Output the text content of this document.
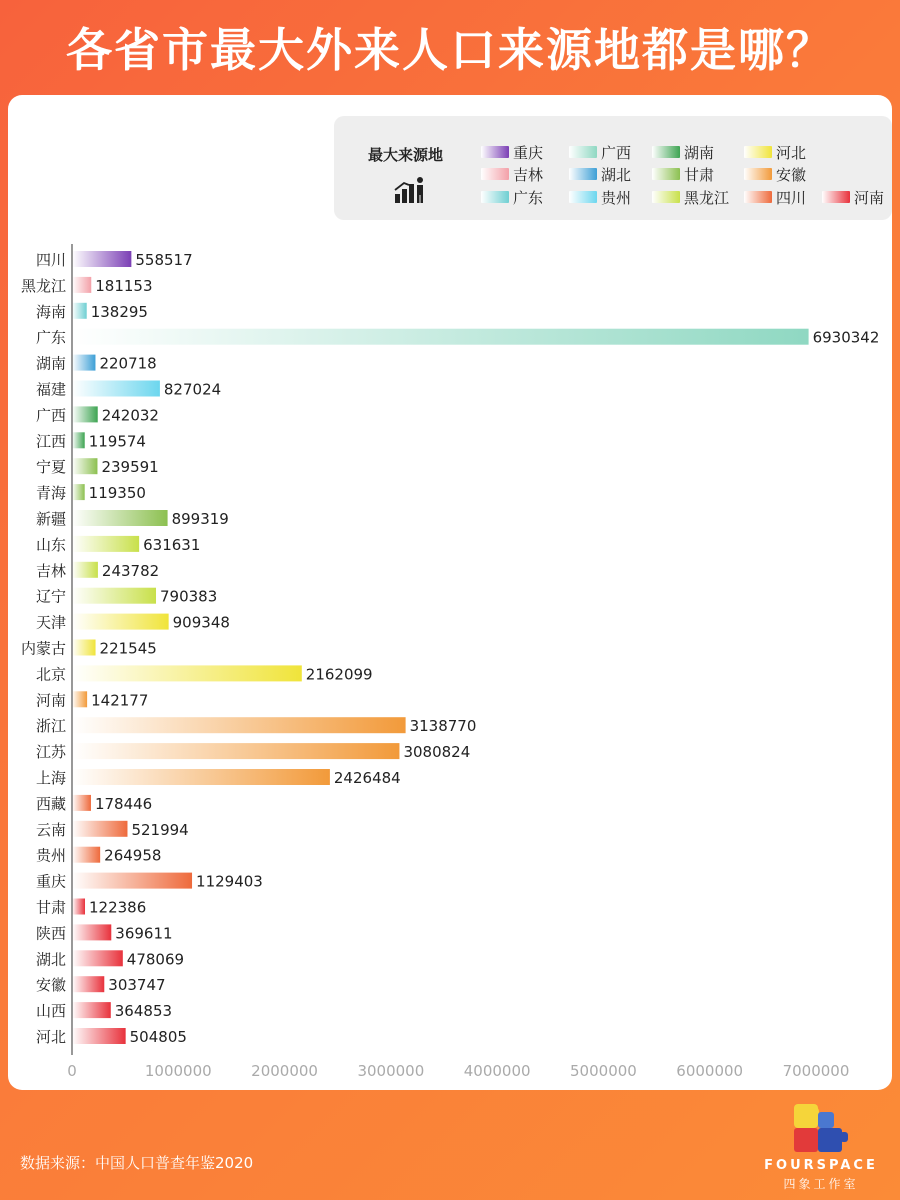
各省市最大外来人口来源地都是哪？
最大来源地	重庆	广西	湖南	河北
吉林	湖北	甘肃	安徽
广东	贵州	黑龙江	四川	河南
四川	558517
黑龙江 181153
海南 138295
广东	6930342
湖南 220718
福建	827024
广西 242032
江西 119574
宁夏 239591
青海 119350
新疆	899319
山东	631631
吉林 243782
辽宁	790383
天津	909348
内蒙古 221545
北京	2162099
河南 142177
浙江	3138770
江苏	3080824
上海	2426484
西藏 178446
云南	521994
贵州	264958
重庆	1129403
甘肃 122386
陕西	369611
湖北	478069
安徽	303747
山西	364853
河北	504805
0	1000000	2000000	3000000	4000000	5000000	6000000	7000000
数据来源：中国人口普查年鉴2020	FOURSPACE
四象工作室
